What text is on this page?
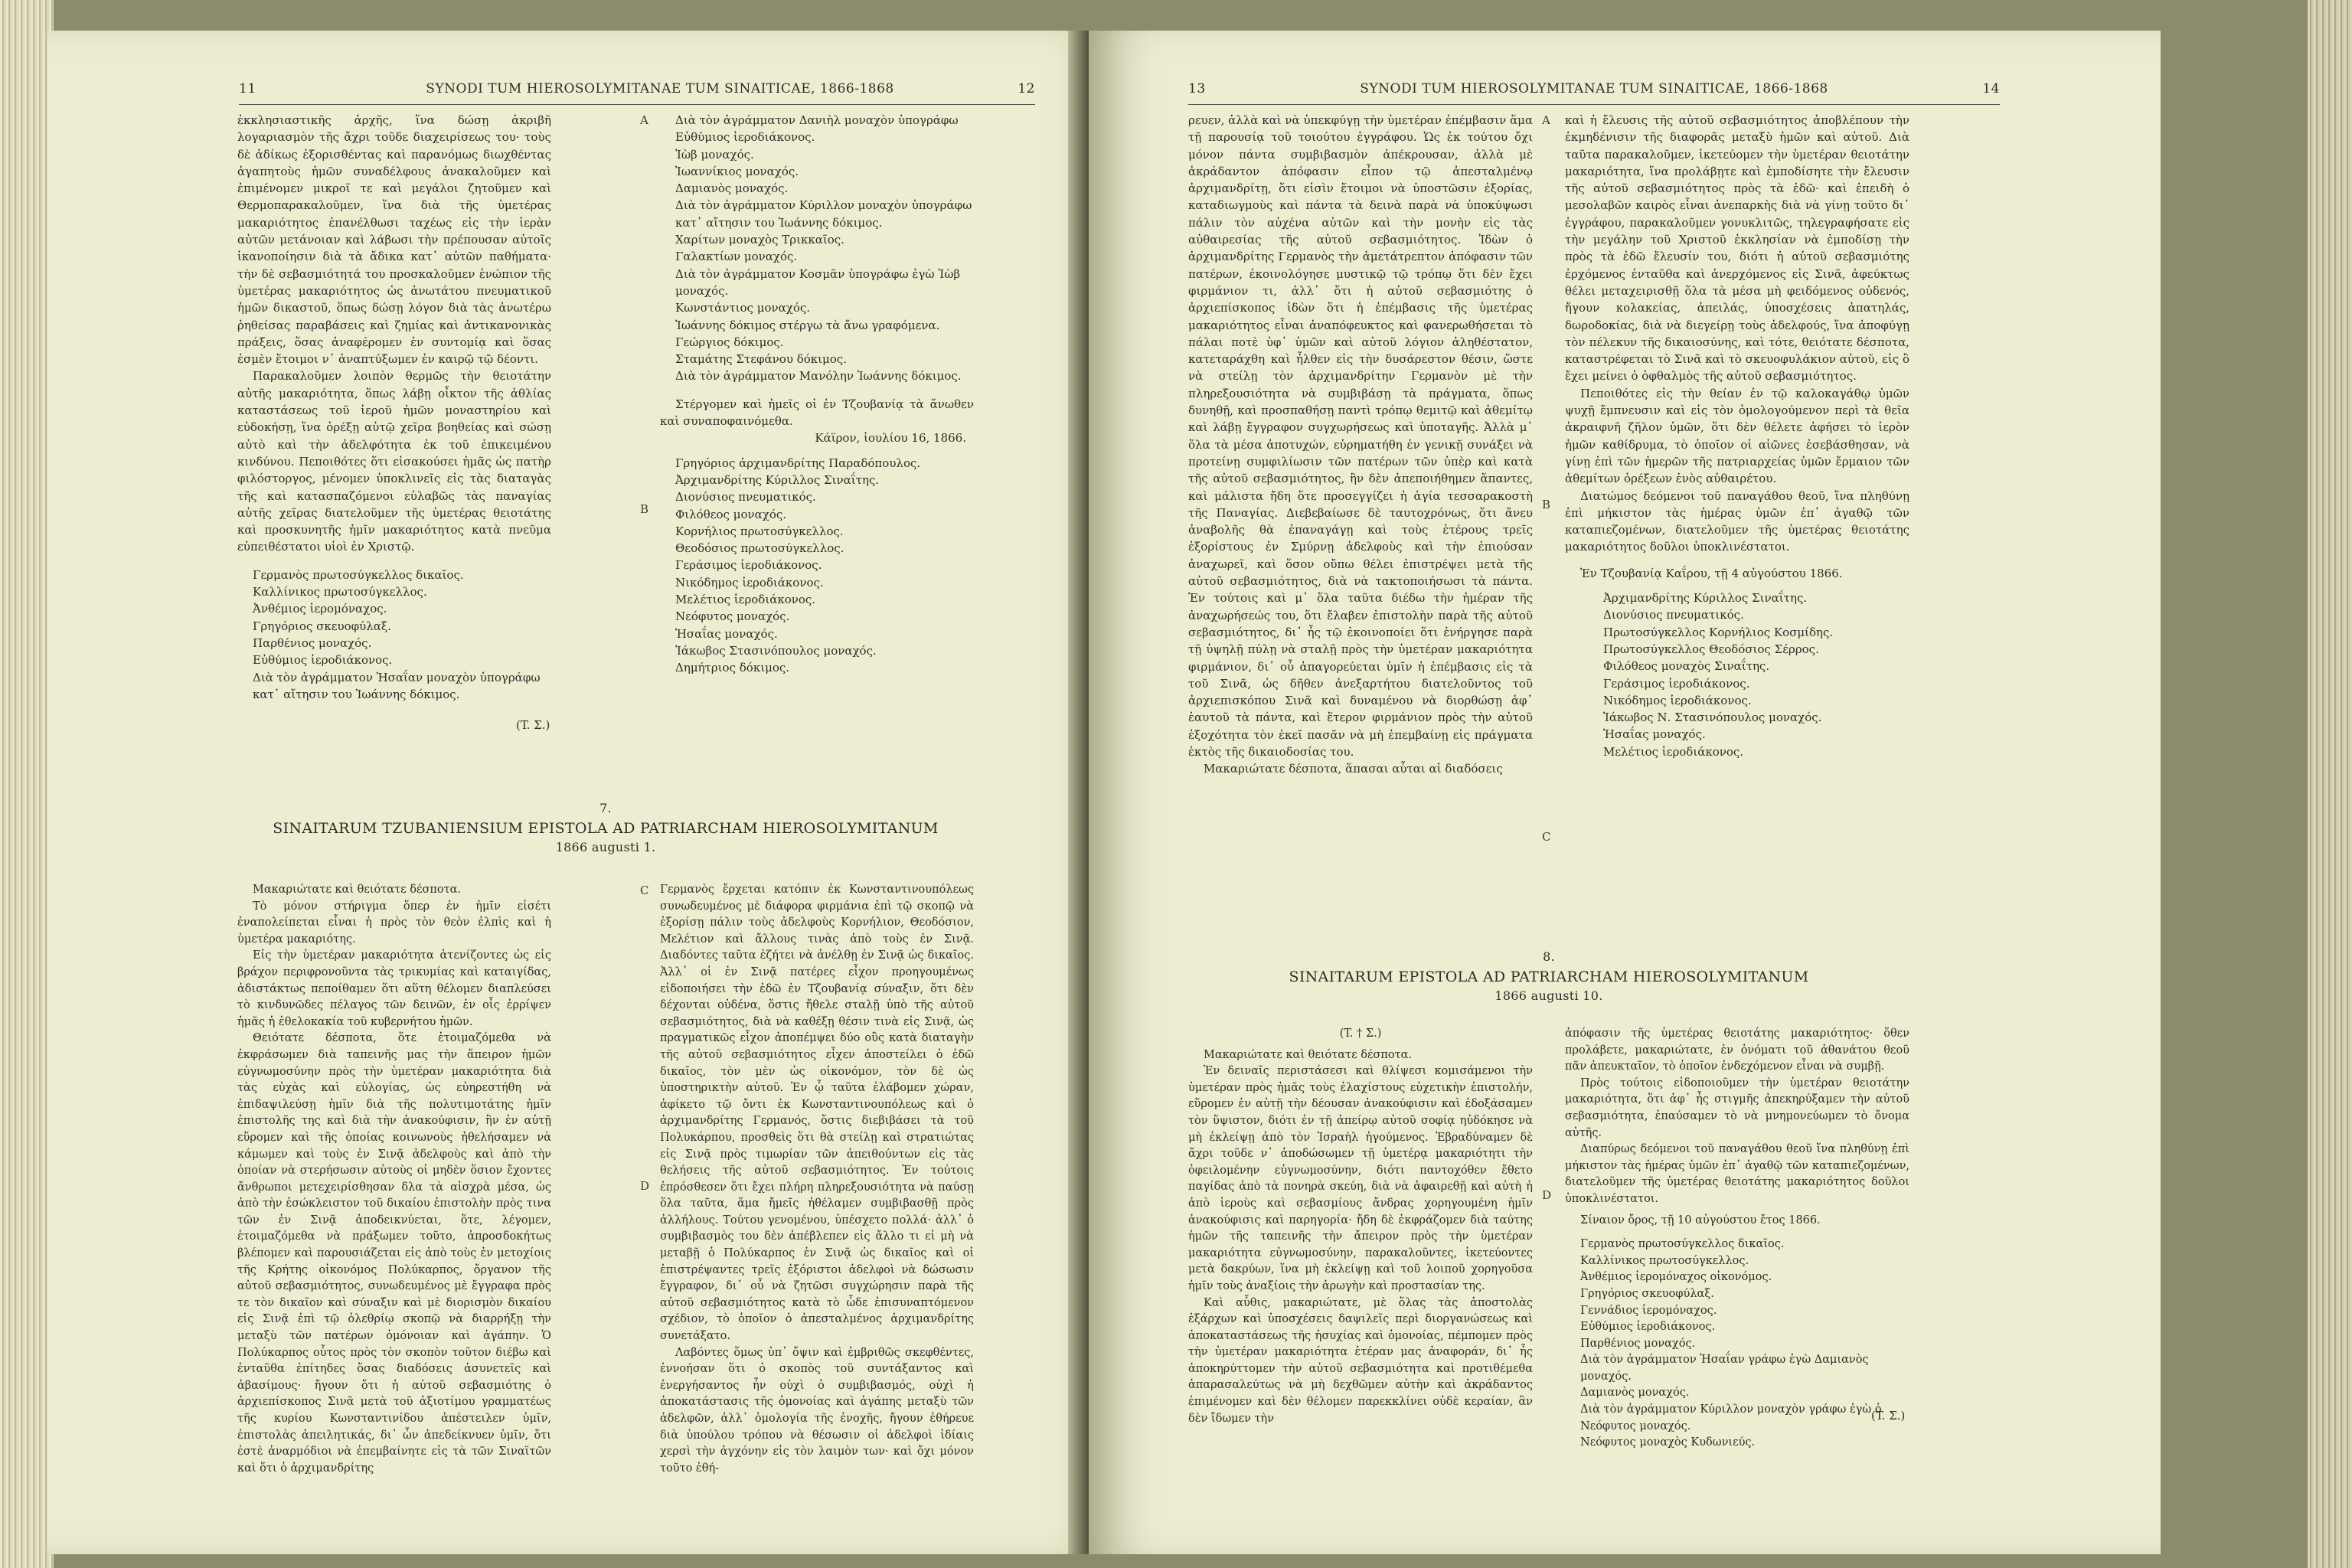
11	SYNODI TUM HIEROSOLYMITANAE TUM SINAITICAE, 1866-1868	12

ἐκκλησιαστικῆς ἀρχῆς, ἵνα δώσῃ ἀκριβῆ λογαριασμὸν τῆς ἄχρι τοῦδε διαχειρίσεως του· τοὺς δὲ ἀδίκως ἐξορισθέντας καὶ παρανόμως διωχθέντας ἀγαπητοὺς ἡμῶν συναδέλφους ἀνακαλοῦμεν καὶ ἐπιμένομεν μικροῖ τε καὶ μεγάλοι ζητοῦμεν καὶ Θερμοπαρακαλοῦμεν, ἵνα διὰ τῆς ὑμετέρας μακαριότητος ἐπανέλθωσι ταχέως εἰς τὴν ἱερὰν αὐτῶν μετάνοιαν καὶ λάβωσι τὴν πρέπουσαν αὐτοῖς ἱκανοποίησιν διὰ τὰ ἄδικα κατ᾽ αὐτῶν παθήματα· τὴν δὲ σεβασμιότητά του προσκαλοῦμεν ἐνώπιον τῆς ὑμετέρας μακαριότητος ὡς ἀνωτάτου πνευματικοῦ ἡμῶν δικαστοῦ, ὅπως δώσῃ λόγον διὰ τὰς ἀνωτέρω ῥηθείσας παραβάσεις καὶ ζημίας καὶ ἀντικανονικὰς πράξεις, ὅσας ἀναφέρομεν ἐν συντομίᾳ καὶ ὅσας ἐσμὲν ἕτοιμοι ν᾽ ἀναπτύξωμεν ἐν καιρῷ τῷ δέοντι.

Παρακαλοῦμεν λοιπὸν θερμῶς τὴν θειοτάτην αὐτῆς μακαριότητα, ὅπως λάβῃ οἶκτον τῆς ἀθλίας καταστάσεως τοῦ ἱεροῦ ἡμῶν μοναστηρίου καὶ εὐδοκήσῃ, ἵνα ὀρέξῃ αὐτῷ χεῖρα βοηθείας καὶ σώσῃ αὐτὸ καὶ τὴν ἀδελφότητα ἐκ τοῦ ἐπικειμένου κινδύνου. Πεποιθότες ὅτι εἰσακούσει ἡμᾶς ὡς πατὴρ φιλόστοργος, μένομεν ὑποκλινεῖς εἰς τὰς διαταγὰς τῆς καὶ κατασπαζόμενοι εὐλαβῶς τὰς παναγίας αὐτῆς χεῖρας διατελοῦμεν τῆς ὑμετέρας θειοτάτης καὶ προσκυνητῆς ἡμῖν μακαριότητος κατὰ πνεῦμα εὐπειθέστατοι υἱοὶ ἐν Χριστῷ.

Γερμανὸς πρωτοσύγκελλος δικαῖος.

Καλλίνικος πρωτοσύγκελλος.

Ἀνθέμιος ἱερομόναχος.

Γρηγόριος σκευοφύλαξ.

Παρθένιος μοναχός.

Εὐθύμιος ἱεροδιάκονος.

Διὰ τὸν ἀγράμματον Ἡσαΐαν μοναχὸν ὑπογράφω κατ᾽ αἴτησιν του Ἰωάννης δόκιμος.

(T. Σ.)
A
B

Διὰ τὸν ἀγράμματον Δανιὴλ μοναχὸν ὑπογράφω Εὐθύμιος ἱεροδιάκονος.

Ἰὼβ μοναχός.

Ἰωαννίκιος μοναχός.

Δαμιανὸς μοναχός.

Διὰ τὸν ἀγράμματον Κύριλλον μοναχὸν ὑπογράφω κατ᾽ αἴτησιν του Ἰωάννης δόκιμος.

Χαρίτων μοναχὸς Τρικκαῖος.

Γαλακτίων μοναχός.

Διὰ τὸν ἀγράμματον Κοσμᾶν ὑπογράφω ἐγὼ Ἰὼβ μοναχός.

Κωνστάντιος μοναχός.

Ἰωάννης δόκιμος στέργω τὰ ἄνω γραφόμενα.

Γεώργιος δόκιμος.

Σταμάτης Στεφάνου δόκιμος.

Διὰ τὸν ἀγράμματον Μανόλην Ἰωάννης δόκιμος.

Στέργομεν καὶ ἡμεῖς οἱ ἐν Τζουβανίᾳ τὰ ἄνωθεν καὶ συναποφαινόμεθα.

Κάϊρον, ἰουλίου 16, 1866.

Γρηγόριος ἀρχιμανδρίτης Παραδόπουλος.

Ἀρχιμανδρίτης Κύριλλος Σιναΐτης.

Διονύσιος πνευματικός.

Φιλόθεος μοναχός.

Κορνήλιος πρωτοσύγκελλος.

Θεοδόσιος πρωτοσύγκελλος.

Γεράσιμος ἱεροδιάκονος.

Νικόδημος ἱεροδιάκονος.

Μελέτιος ἱεροδιάκονος.

Νεόφυτος μοναχός.

Ἡσαΐας μοναχός.

Ἰάκωβος Στασινόπουλος μοναχός.

Δημήτριος δόκιμος.

7.
SINAITARUM TZUBANIENSIUM EPISTOLA AD PATRIARCHAM HIEROSOLYMITANUM
1866 augusti 1.

Μακαριώτατε καὶ θειότατε δέσποτα.

Τὸ μόνον στήριγμα ὅπερ ἐν ἡμῖν εἰσέτι ἐναπολείπεται εἶναι ἡ πρὸς τὸν θεὸν ἐλπὶς καὶ ἡ ὑμετέρα μακαριότης.

Εἰς τὴν ὑμετέραν μακαριότητα ἀτενίζοντες ὡς εἰς βράχον περιφρονοῦντα τὰς τρικυμίας καὶ καταιγίδας, ἀδιστάκτως πεποίθαμεν ὅτι αὕτη θέλομεν διαπλεύσει τὸ κινδυνῶδες πέλαγος τῶν δεινῶν, ἐν οἷς ἐρρίψεν ἡμᾶς ἡ ἐθελοκακία τοῦ κυβερνήτου ἡμῶν.

Θειότατε δέσποτα, ὅτε ἑτοιμαζόμεθα νὰ ἐκφράσωμεν διὰ ταπεινῆς μας τὴν ἄπειρον ἡμῶν εὐγνωμοσύνην πρὸς τὴν ὑμετέραν μακαριότητα διὰ τὰς εὐχὰς καὶ εὐλογίας, ὡς εὐηρεστήθη νὰ ἐπιδαψιλεύσῃ ἡμῖν διὰ τῆς πολυτιμοτάτης ἡμῖν ἐπιστολῆς της καὶ διὰ τὴν ἀνακούφισιν, ἣν ἐν αὐτῇ εὕρομεν καὶ τῆς ὁποίας κοινωνοὺς ἠθελήσαμεν νὰ κάμωμεν καὶ τοὺς ἐν Σινᾷ ἀδελφοὺς καὶ ἀπὸ τὴν ὁποίαν νὰ στερήσωσιν αὐτοὺς οἱ μηδὲν ὅσιον ἔχοντες ἄνθρωποι μετεχειρίσθησαν δλα τὰ αἰσχρὰ μέσα, ὡς ἀπὸ τὴν ἐσώκλειστον τοῦ δικαίου ἐπιστολὴν πρὸς τινα τῶν ἐν Σινᾷ ἀποδεικνύεται, ὅτε, λέγομεν, ἑτοιμαζόμεθα νὰ πράξωμεν τοῦτο, ἀπροσδοκήτως βλέπομεν καὶ παρουσιάζεται εἰς ἀπὸ τοὺς ἐν μετοχίοις τῆς Κρήτης οἰκονόμος Πολύκαρπος, ὄργανον τῆς αὐτοῦ σεβασμιότητος, συνωδευμένος μὲ ἔγγραφα πρὸς τε τὸν δικαῖον καὶ σύναξιν καὶ μὲ διορισμὸν δικαίου εἰς Σινᾷ ἐπὶ τῷ ὀλεθρίῳ σκοπῷ νὰ διαρρήξῃ τὴν μεταξὺ τῶν πατέρων ὁμόνοιαν καὶ ἀγάπην. Ὁ Πολύκαρπος οὗτος πρὸς τὸν σκοπὸν τοῦτον διέβω καὶ ἐνταῦθα ἐπίτηδες ὅσας διαδόσεις ἀσυνετεῖς καὶ ἀβασίμους· ἤγουν ὅτι ἡ αὐτοῦ σεβασμιότης ὁ ἀρχιεπίσκοπος Σινᾶ μετὰ τοῦ ἀξιοτίμου γραμματέως τῆς κυρίου Κωνσταντινίδου ἀπέστειλεν ὑμῖν, ἐπιστολὰς ἀπειλητικάς, δι᾽ ὧν ἀπεδείκνυεν ὑμῖν, ὅτι ἐστὲ ἀναρμόδιοι νὰ ἐπεμβαίνητε εἰς τὰ τῶν Σιναϊτῶν καὶ ὅτι ὁ ἀρχιμανδρίτης

C
D

Γερμανὸς ἔρχεται κατόπιν ἐκ Κωνσταντινουπόλεως συνωδευμένος μὲ διάφορα φιρμάνια ἐπὶ τῷ σκοπῷ νὰ ἐξορίσῃ πάλιν τοὺς ἀδελφοὺς Κορνήλιον, Θεοδόσιον, Μελέτιον καὶ ἄλλους τινὰς ἀπὸ τοὺς ἐν Σινᾷ. Διαδόντες ταῦτα ἐζήτει νὰ ἀνέλθῃ ἐν Σινᾷ ὡς δικαῖος. Ἀλλ᾽ οἱ ἐν Σινᾷ πατέρες εἶχον προηγουμένως εἰδοποιήσει τὴν ἐδῶ ἐν Τζουβανίᾳ σύναξιν, ὅτι δὲν δέχονται οὐδένα, ὅστις ἤθελε σταλῇ ὑπὸ τῆς αὐτοῦ σεβασμιότητος, διὰ νὰ καθέξῃ θέσιν τινὰ εἰς Σινᾷ, ὡς πραγματικῶς εἶχον ἀποπέμψει δύο οὓς κατὰ διαταγὴν τῆς αὐτοῦ σεβασμιότητος εἶχεν ἀποστείλει ὁ ἐδῶ δικαῖος, τὸν μὲν ὡς οἰκονόμον, τὸν δὲ ὡς ὑποστηρικτὴν αὐτοῦ. Ἐν ᾧ ταῦτα ἐλάβομεν χώραν, ἀφίκετο τῷ ὄντι ἐκ Κωνσταντινουπόλεως καὶ ὁ ἀρχιμανδρίτης Γερμανός, ὅστις διεβιβάσει τὰ τοῦ Πολυκάρπου, προσθεὶς ὅτι θὰ στείλῃ καὶ στρατιώτας εἰς Σινᾷ πρὸς τιμωρίαν τῶν ἀπειθούντων εἰς τὰς θελήσεις τῆς αὐτοῦ σεβασμιότητος. Ἐν τούτοις ἐπρόσθεσεν ὅτι ἔχει πλήρη πληρεξουσιότητα νὰ παύσῃ ὅλα ταῦτα, ἅμα ἤμεῖς ἠθέλαμεν συμβιβασθῇ πρὸς ἀλλήλους. Τούτου γενομένου, ὑπέσχετο πολλά· ἀλλ᾽ ὁ συμβιβασμὸς του δὲν ἀπέβλεπεν εἰς ἄλλο τι εἰ μὴ νὰ μεταβῇ ὁ Πολύκαρπος ἐν Σινᾷ ὡς δικαῖος καὶ οἱ ἐπιστρέψαντες τρεῖς ἐξόριστοι ἀδελφοὶ νὰ δώσωσιν ἔγγραφον, δι᾽ οὗ νὰ ζητῶσι συγχώρησιν παρὰ τῆς αὐτοῦ σεβασμιότητος κατὰ τὸ ὧδε ἐπισυναπτόμενον σχέδιον, τὸ ὁποῖον ὁ ἀπεσταλμένος ἀρχιμανδρίτης συνετάξατο.

Λαβόντες ὅμως ὑπ᾽ ὄψιν καὶ ἐμβριθῶς σκεφθέντες, ἐννοήσαν ὅτι ὁ σκοπὸς τοῦ συντάξαντος καὶ ἐνεργήσαντος ἦν οὐχὶ ὁ συμβιβασμός, οὐχὶ ἡ ἀποκατάστασις τῆς ὁμονοίας καὶ ἀγάπης μεταξὺ τῶν ἀδελφῶν, ἀλλ᾽ ὁμολογία τῆς ἐνοχῆς, ἤγουν ἐθήρευε διὰ ὑπούλου τρόπου νὰ θέσωσιν οἱ ἀδελφοὶ ἰδίαις χερσὶ τὴν ἀγχόνην εἰς τὸν λαιμὸν των· καὶ ὄχι μόνον τοῦτο ἐθή-

13	SYNODI TUM HIEROSOLYMITANAE TUM SINAITICAE, 1866-1868	14

ρευεν, ἀλλὰ καὶ νὰ ὑπεκφύγῃ τὴν ὑμετέραν ἐπέμβασιν ἅμα τῇ παρουσίᾳ τοῦ τοιούτου ἐγγράφου. Ὡς ἐκ τούτου ὄχι μόνον πάντα συμβιβασμὸν ἀπέκρουσαν, ἀλλὰ μὲ ἀκράδαντον ἀπόφασιν εἶπον τῷ ἀπεσταλμένῳ ἀρχιμανδρίτῃ, ὅτι εἰσὶν ἕτοιμοι νὰ ὑποστῶσιν ἐξορίας, καταδιωγμοὺς καὶ πάντα τὰ δεινὰ παρὰ νὰ ὑποκύψωσι πάλιν τὸν αὐχένα αὐτῶν καὶ τὴν μονὴν εἰς τὰς αὐθαιρεσίας τῆς αὐτοῦ σεβασμιότητος. Ἰδὼν ὁ ἀρχιμανδρίτης Γερμανὸς τὴν ἀμετάτρεπτον ἀπόφασιν τῶν πατέρων, ἐκοινολόγησε μυστικῷ τῷ τρόπῳ ὅτι δὲν ἔχει φιρμάνιον τι, ἀλλ᾽ ὅτι ἡ αὐτοῦ σεβασμιότης ὁ ἀρχιεπίσκοπος ἰδὼν ὅτι ἡ ἐπέμβασις τῆς ὑμετέρας μακαριότητος εἶναι ἀναπόφευκτος καὶ φανερωθήσεται τὸ πάλαι ποτὲ ὑφ᾽ ὑμῶν καὶ αὐτοῦ λόγιον ἀληθέστατον, κατεταράχθη καὶ ἦλθεν εἰς τὴν δυσάρεστον θέσιν, ὥστε νὰ στείλῃ τὸν ἀρχιμανδρίτην Γερμανὸν μὲ τὴν πληρεξουσιότητα νὰ συμβιβάσῃ τὰ πράγματα, ὅπως δυνηθῇ, καὶ προσπαθήσῃ παντὶ τρόπῳ θεμιτῷ καὶ ἀθεμίτῳ καὶ λάβῃ ἔγγραφον συγχωρήσεως καὶ ὑποταγῆς. Ἀλλὰ μ᾽ ὅλα τὰ μέσα ἀποτυχών, εὑρηματήθη ἐν γενικῇ συνάξει νὰ προτείνῃ συμφιλίωσιν τῶν πατέρων τῶν ὑπὲρ καὶ κατὰ τῆς αὐτοῦ σεβασμιότητος, ἣν δὲν ἀπεποιήθημεν ἅπαντες, καὶ μάλιστα ἤδη ὅτε προσεγγίζει ἡ ἁγία τεσσαρακοστὴ τῆς Παναγίας. Διεβεβαίωσε δὲ ταυτοχρόνως, ὅτι ἄνευ ἀναβολῆς θὰ ἐπαναγάγῃ καὶ τοὺς ἑτέρους τρεῖς ἐξορίστους ἐν Σμύρνῃ ἀδελφοὺς καὶ τὴν ἐπιούσαν ἀναχωρεῖ, καὶ ὅσον οὔπω θέλει ἐπιστρέψει μετὰ τῆς αὐτοῦ σεβασμιότητος, διὰ νὰ τακτοποιήσωσι τὰ πάντα. Ἐν τούτοις καὶ μ᾽ ὅλα ταῦτα διέδω τὴν ἡμέραν τῆς ἀναχωρήσεώς του, ὅτι ἔλαβεν ἐπιστολὴν παρὰ τῆς αὐτοῦ σεβασμιότητος, δι᾽ ἧς τῷ ἐκοινοποίει ὅτι ἐνήργησε παρὰ τῇ ὑψηλῇ πύλῃ νὰ σταλῇ πρὸς τὴν ὑμετέραν μακαριότητα φιρμάνιον, δι᾽ οὗ ἀπαγορεύεται ὑμῖν ἡ ἐπέμβασις εἰς τὰ τοῦ Σινᾶ, ὡς δῆθεν ἀνεξαρτήτου διατελοῦντος τοῦ ἀρχιεπισκόπου Σινᾶ καὶ δυναμένου νὰ διορθώσῃ ἀφ᾽ ἑαυτοῦ τὰ πάντα, καὶ ἕτερον φιρμάνιον πρὸς τὴν αὐτοῦ ἐξοχότητα τὸν ἐκεῖ πασᾶν νὰ μὴ ἐπεμβαίνῃ εἰς πράγματα ἐκτὸς τῆς δικαιοδοσίας του.

Μακαριώτατε δέσποτα, ἅπασαι αὗται αἱ διαδόσεις

A
B
C

καὶ ἡ ἔλευσις τῆς αὐτοῦ σεβασμιότητος ἀποβλέπουν τὴν ἐκμηδένισιν τῆς διαφορᾶς μεταξὺ ἡμῶν καὶ αὐτοῦ. Διὰ ταῦτα παρακαλοῦμεν, ἱκετεύομεν τὴν ὑμετέραν θειοτάτην μακαριότητα, ἵνα προλάβῃτε καὶ ἐμποδίσητε τὴν ἔλευσιν τῆς αὐτοῦ σεβασμιότητος πρὸς τὰ ἐδῶ· καὶ ἐπειδὴ ὁ μεσολαβῶν καιρὸς εἶναι ἀνεπαρκὴς διὰ νὰ γίνῃ τοῦτο δι᾽ ἐγγράφου, παρακαλοῦμεν γονυκλιτῶς, τηλεγραφήσατε εἰς τὴν μεγάλην τοῦ Χριστοῦ ἐκκλησίαν νὰ ἐμποδίσῃ τὴν πρὸς τὰ ἐδῶ ἔλευσίν του, διότι ἡ αὐτοῦ σεβασμιότης ἐρχόμενος ἐνταῦθα καὶ ἀνερχόμενος εἰς Σινᾶ, ἀφεύκτως θέλει μεταχειρισθῇ ὅλα τὰ μέσα μὴ φειδόμενος οὐδενός, ἤγουν κολακείας, ἀπειλάς, ὑποσχέσεις ἀπατηλάς, δωροδοκίας, διὰ νὰ διεγείρῃ τοὺς ἀδελφούς, ἵνα ἀποφύγῃ τὸν πέλεκυν τῆς δικαιοσύνης, καὶ τότε, θειότατε δέσποτα, καταστρέφεται τὸ Σινᾶ καὶ τὸ σκευοφυλάκιον αὐτοῦ, εἰς ὃ ἔχει μείνει ὁ ὀφθαλμὸς τῆς αὐτοῦ σεβασμιότητος.

Πεποιθότες εἰς τὴν θείαν ἐν τῷ καλοκαγάθῳ ὑμῶν ψυχῇ ἔμπνευσιν καὶ εἰς τὸν ὁμολογούμενον περὶ τὰ θεῖα ἀκραιφνῆ ζῆλον ὑμῶν, ὅτι δὲν θέλετε ἀφήσει τὸ ἱερὸν ἡμῶν καθίδρυμα, τὸ ὁποῖον οἱ αἰῶνες ἐσεβάσθησαν, νὰ γίνῃ ἐπὶ τῶν ἡμερῶν τῆς πατριαρχείας ὑμῶν ἔρμαιον τῶν ἀθεμίτων ὀρέξεων ἑνὸς αὐθαιρέτου.

Διατώμος δεόμενοι τοῦ παναγάθου θεοῦ, ἵνα πληθύνῃ ἐπὶ μήκιστον τὰς ἡμέρας ὑμῶν ἐπ᾽ ἀγαθῷ τῶν καταπιεζομένων, διατελοῦμεν τῆς ὑμετέρας θειοτάτης μακαριότητος δοῦλοι ὑποκλινέστατοι.

Ἐν Τζουβανίᾳ Καΐρου, τῇ 4 αὐγούστου 1866.

Ἀρχιμανδρίτης Κύριλλος Σιναΐτης.

Διονύσιος πνευματικός.

Πρωτοσύγκελλος Κορνήλιος Κοσμίδης.

Πρωτοσύγκελλος Θεοδόσιος Σέρρος.

Φιλόθεος μοναχὸς Σιναΐτης.

Γεράσιμος ἱεροδιάκονος.

Νικόδημος ἱεροδιάκονος.

Ἰάκωβος Ν. Στασινόπουλος μοναχός.

Ἡσαΐας μοναχός.

Μελέτιος ἱεροδιάκονος.

8.
SINAITARUM EPISTOLA AD PATRIARCHAM HIEROSOLYMITANUM
1866 augusti 10.

(T. † Σ.)

Μακαριώτατε καὶ θειότατε δέσποτα.

Ἐν δειναῖς περιστάσεσι καὶ θλίψεσι κομισάμενοι τὴν ὑμετέραν πρὸς ἡμᾶς τοὺς ἐλαχίστους εὐχετικὴν ἐπιστολήν, εὕρομεν ἐν αὐτῇ τὴν δέουσαν ἀνακούφισιν καὶ ἐδοξάσαμεν τὸν ὕψιστον, διότι ἐν τῇ ἀπείρῳ αὐτοῦ σοφίᾳ ηὐδόκησε νὰ μὴ ἐκλείψῃ ἀπὸ τὸν Ἰσραὴλ ἡγούμενος. Ἐβραδύναμεν δὲ ἄχρι τοῦδε ν᾽ ἀποδώσωμεν τῇ ὑμετέρᾳ μακαριότητι τὴν ὀφειλομένην εὐγνωμοσύνην, διότι παντοχόθεν ἔθετο παγίδας ἀπὸ τὰ πονηρὰ σκεύη, διὰ νὰ ἀφαιρεθῇ καὶ αὐτὴ ἡ ἀπὸ ἱεροὺς καὶ σεβασμίους ἄνδρας χορηγουμένη ἡμῖν ἀνακούφισις καὶ παρηγορία· ἤδη δὲ ἐκφράζομεν διὰ ταύτης ἡμῶν τῆς ταπεινῆς τὴν ἄπειρον πρὸς τὴν ὑμετέραν μακαριότητα εὐγνωμοσύνην, παρακαλοῦντες, ἱκετεύοντες μετὰ δακρύων, ἵνα μὴ ἐκλείψῃ καὶ τοῦ λοιποῦ χορηγοῦσα ἡμῖν τοὺς ἀναξίοις τὴν ἀρωγὴν καὶ προστασίαν της.

Καὶ αὖθις, μακαριώτατε, μὲ ὅλας τὰς ἀποστολὰς ἐξάρχων καὶ ὑποσχέσεις δαψιλεῖς περὶ διοργανώσεως καὶ ἀποκαταστάσεως τῆς ἡσυχίας καὶ ὁμονοίας, πέμπομεν πρὸς τὴν ὑμετέραν μακαριότητα ἑτέραν μας ἀναφοράν, δι᾽ ἧς ἀποκηρύττομεν τὴν αὐτοῦ σεβασμιότητα καὶ προτιθέμεθα ἀπαρασαλεύτως νὰ μὴ δεχθῶμεν αὐτὴν καὶ ἀκράδαντος ἐπιμένομεν καὶ δὲν θέλομεν παρεκκλίνει οὐδὲ κεραίαν, ἂν δὲν ἴδωμεν τὴν

D

ἀπόφασιν τῆς ὑμετέρας θειοτάτης μακαριότητος· ὅθεν προλάβετε, μακαριώτατε, ἐν ὀνόματι τοῦ ἀθανάτου θεοῦ πᾶν ἀπευκταῖον, τὸ ὁποῖον ἐνδεχόμενον εἶναι νὰ συμβῇ.

Πρὸς τούτοις εἰδοποιοῦμεν τὴν ὑμετέραν θειοτάτην μακαριότητα, ὅτι ἀφ᾽ ἧς στιγμῆς ἀπεκηρύξαμεν τὴν αὐτοῦ σεβασμιότητα, ἐπαύσαμεν τὸ νὰ μνημονεύωμεν τὸ ὄνομα αὐτῆς.

Διαπύρως δεόμενοι τοῦ παναγάθου θεοῦ ἵνα πληθύνῃ ἐπὶ μήκιστον τὰς ἡμέρας ὑμῶν ἐπ᾽ ἀγαθῷ τῶν καταπιεζομένων, διατελοῦμεν τῆς ὑμετέρας θειοτάτης μακαριότητος δοῦλοι ὑποκλινέστατοι.

Σίναιον ὄρος, τῇ 10 αὐγούστου ἔτος 1866.

Γερμανὸς πρωτοσύγκελλος δικαῖος.

Καλλίνικος πρωτοσύγκελλος.

Ἀνθέμιος ἱερομόναχος οἰκονόμος.

Γρηγόριος σκευοφύλαξ.

Γεννάδιος ἱερομόναχος.

Εὐθύμιος ἱεροδιάκονος.

Παρθένιος μοναχός.

Διὰ τὸν ἀγράμματον Ἡσαΐαν γράφω ἐγὼ Δαμιανὸς μοναχός.

Δαμιανὸς μοναχός.

Διὰ τὸν ἀγράμματον Κύριλλον μοναχὸν γράφω ἐγὼ ὁ Νεόφυτος μοναχός.

Νεόφυτος μοναχὸς Κυδωνιεύς.

(T. Σ.)
